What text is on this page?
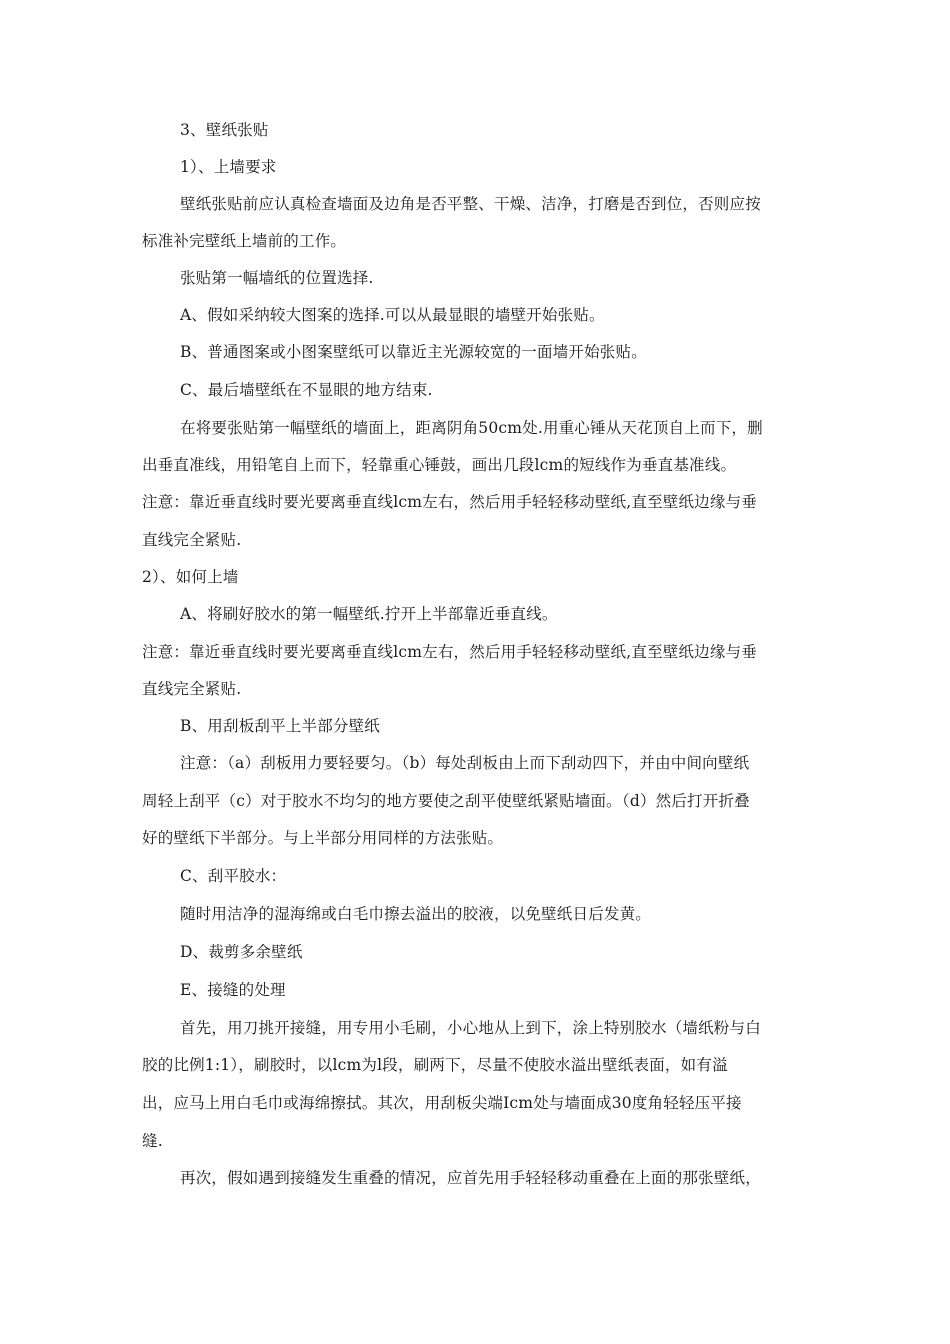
3、壁纸张贴
1）、上墙要求
壁纸张贴前应认真检查墙面及边角是否平整、干燥、洁净，打磨是否到位，否则应按
标准补完壁纸上墙前的工作。
张贴第一幅墙纸的位置选择.
A、假如采纳较大图案的选择.可以从最显眼的墙壁开始张贴。
B、普通图案或小图案壁纸可以靠近主光源较宽的一面墙开始张贴。
C、最后墙壁纸在不显眼的地方结束.
在将要张贴第一幅壁纸的墙面上，距离阴角50cm处.用重心锤从天花顶自上而下，删
出垂直准线，用铅笔自上而下，轻靠重心锤鼓，画出几段lcm的短线作为垂直基准线。
注意：靠近垂直线时要光要离垂直线lcm左右，然后用手轻轻移动壁纸,直至壁纸边缘与垂
直线完全紧贴.
2）、如何上墙
A、将刷好胶水的第一幅壁纸.拧开上半部靠近垂直线。
注意：靠近垂直线时要光要离垂直线lcm左右，然后用手轻轻移动壁纸,直至壁纸边缘与垂
直线完全紧贴.
B、用刮板刮平上半部分壁纸
注意：（a）刮板用力要轻要匀。（b）每处刮板由上而下刮动四下，并由中间向壁纸
周轻上刮平（c）对于胶水不均匀的地方要使之刮平使壁纸紧贴墙面。（d）然后打开折叠
好的壁纸下半部分。与上半部分用同样的方法张贴。
C、刮平胶水：
随时用洁净的湿海绵或白毛巾擦去溢出的胶液，以免壁纸日后发黄。
D、裁剪多余壁纸
E、接缝的处理
首先，用刀挑开接缝，用专用小毛刷，小心地从上到下，涂上特别胶水（墙纸粉与白
胶的比例1:1），刷胶时，以lcm为l段，刷两下，尽量不使胶水溢出壁纸表面，如有溢
出，应马上用白毛巾或海绵擦拭。其次，用刮板尖端Icm处与墙面成30度角轻轻压平接
缝.
再次，假如遇到接缝发生重叠的情况，应首先用手轻轻移动重叠在上面的那张壁纸，
